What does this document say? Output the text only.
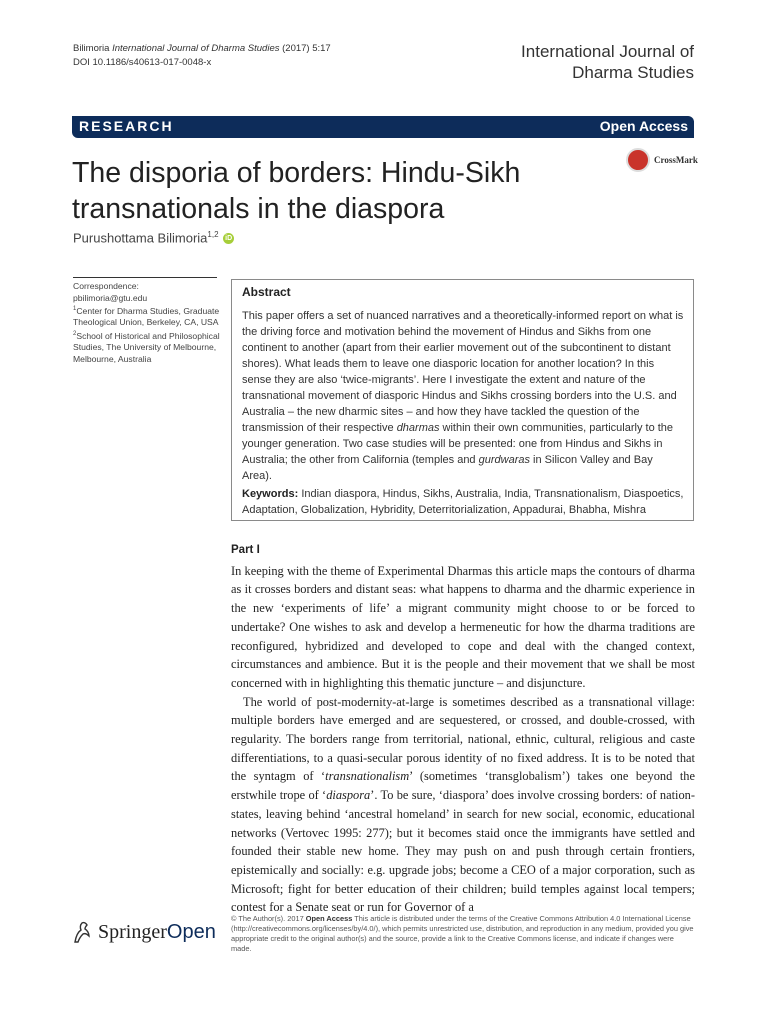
Bilimoria International Journal of Dharma Studies (2017) 5:17
DOI 10.1186/s40613-017-0048-x
International Journal of
Dharma Studies
RESEARCH	Open Access
The disporia of borders: Hindu-Sikh transnationals in the diaspora
CrossMark
Purushottama Bilimoria$^{1,2}$ iD

Correspondence:

pbilimoria@gtu.edu

$^1$Center for Dharma Studies, Graduate Theological Union, Berkeley, CA, USA

$^2$School of Historical and Philosophical Studies, The University of Melbourne, Melbourne, Australia

Abstract
This paper offers a set of nuanced narratives and a theoretically-informed report on what is the driving force and motivation behind the movement of Hindus and Sikhs from one continent to another (apart from their earlier movement out of the subcontinent to distant shores). What leads them to leave one diasporic location for another location? In this sense they are also ‘twice-migrants’. Here I investigate the extent and nature of the transnational movement of diasporic Hindus and Sikhs crossing borders into the U.S. and Australia – the new dharmic sites – and how they have tackled the question of the transmission of their respective dharmas within their own communities, particularly to the younger generation. Two case studies will be presented: one from Hindus and Sikhs in Australia; the other from California (temples and gurdwaras in Silicon Valley and Bay Area).
Keywords: Indian diaspora, Hindus, Sikhs, Australia, India, Transnationalism, Diaspoetics, Adaptation, Globalization, Hybridity, Deterritorialization, Appadurai, Bhabha, Mishra
Part I

In keeping with the theme of Experimental Dharmas this article maps the contours of dharma as it crosses borders and distant seas: what happens to dharma and the dharmic experience in the new ‘experiments of life’ a migrant community might choose to or be forced to undertake? One wishes to ask and develop a hermeneutic for how the dharma traditions are reconfigured, hybridized and developed to cope and deal with the changed context, circumstances and ambience. But it is the people and their movement that we shall be most concerned with in highlighting this thematic juncture – and disjuncture.

The world of post-modernity-at-large is sometimes described as a transnational village: multiple borders have emerged and are sequestered, or crossed, and double-crossed, with regularity. The borders range from territorial, national, ethnic, cultural, religious and caste differentiations, to a quasi-secular porous identity of no fixed address. It is to be noted that the syntagm of ‘transnationalism’ (sometimes ‘transglobalism’) takes one beyond the erstwhile trope of ‘diaspora’. To be sure, ‘diaspora’ does involve crossing borders: of nation-states, leaving behind ‘ancestral homeland’ in search for new social, economic, educational networks (Vertovec 1995: 277); but it becomes staid once the immigrants have settled and founded their stable new home. They may push on and push through certain frontiers, epistemically and socially: e.g. upgrade jobs; become a CEO of a major corporation, such as Microsoft; fight for better education of their children; build temples against local tempers; contest for a Senate seat or run for Governor of a

SpringerOpen
© The Author(s). 2017 Open Access This article is distributed under the terms of the Creative Commons Attribution 4.0 International License (http://creativecommons.org/licenses/by/4.0/), which permits unrestricted use, distribution, and reproduction in any medium, provided you give appropriate credit to the original author(s) and the source, provide a link to the Creative Commons license, and indicate if changes were made.
